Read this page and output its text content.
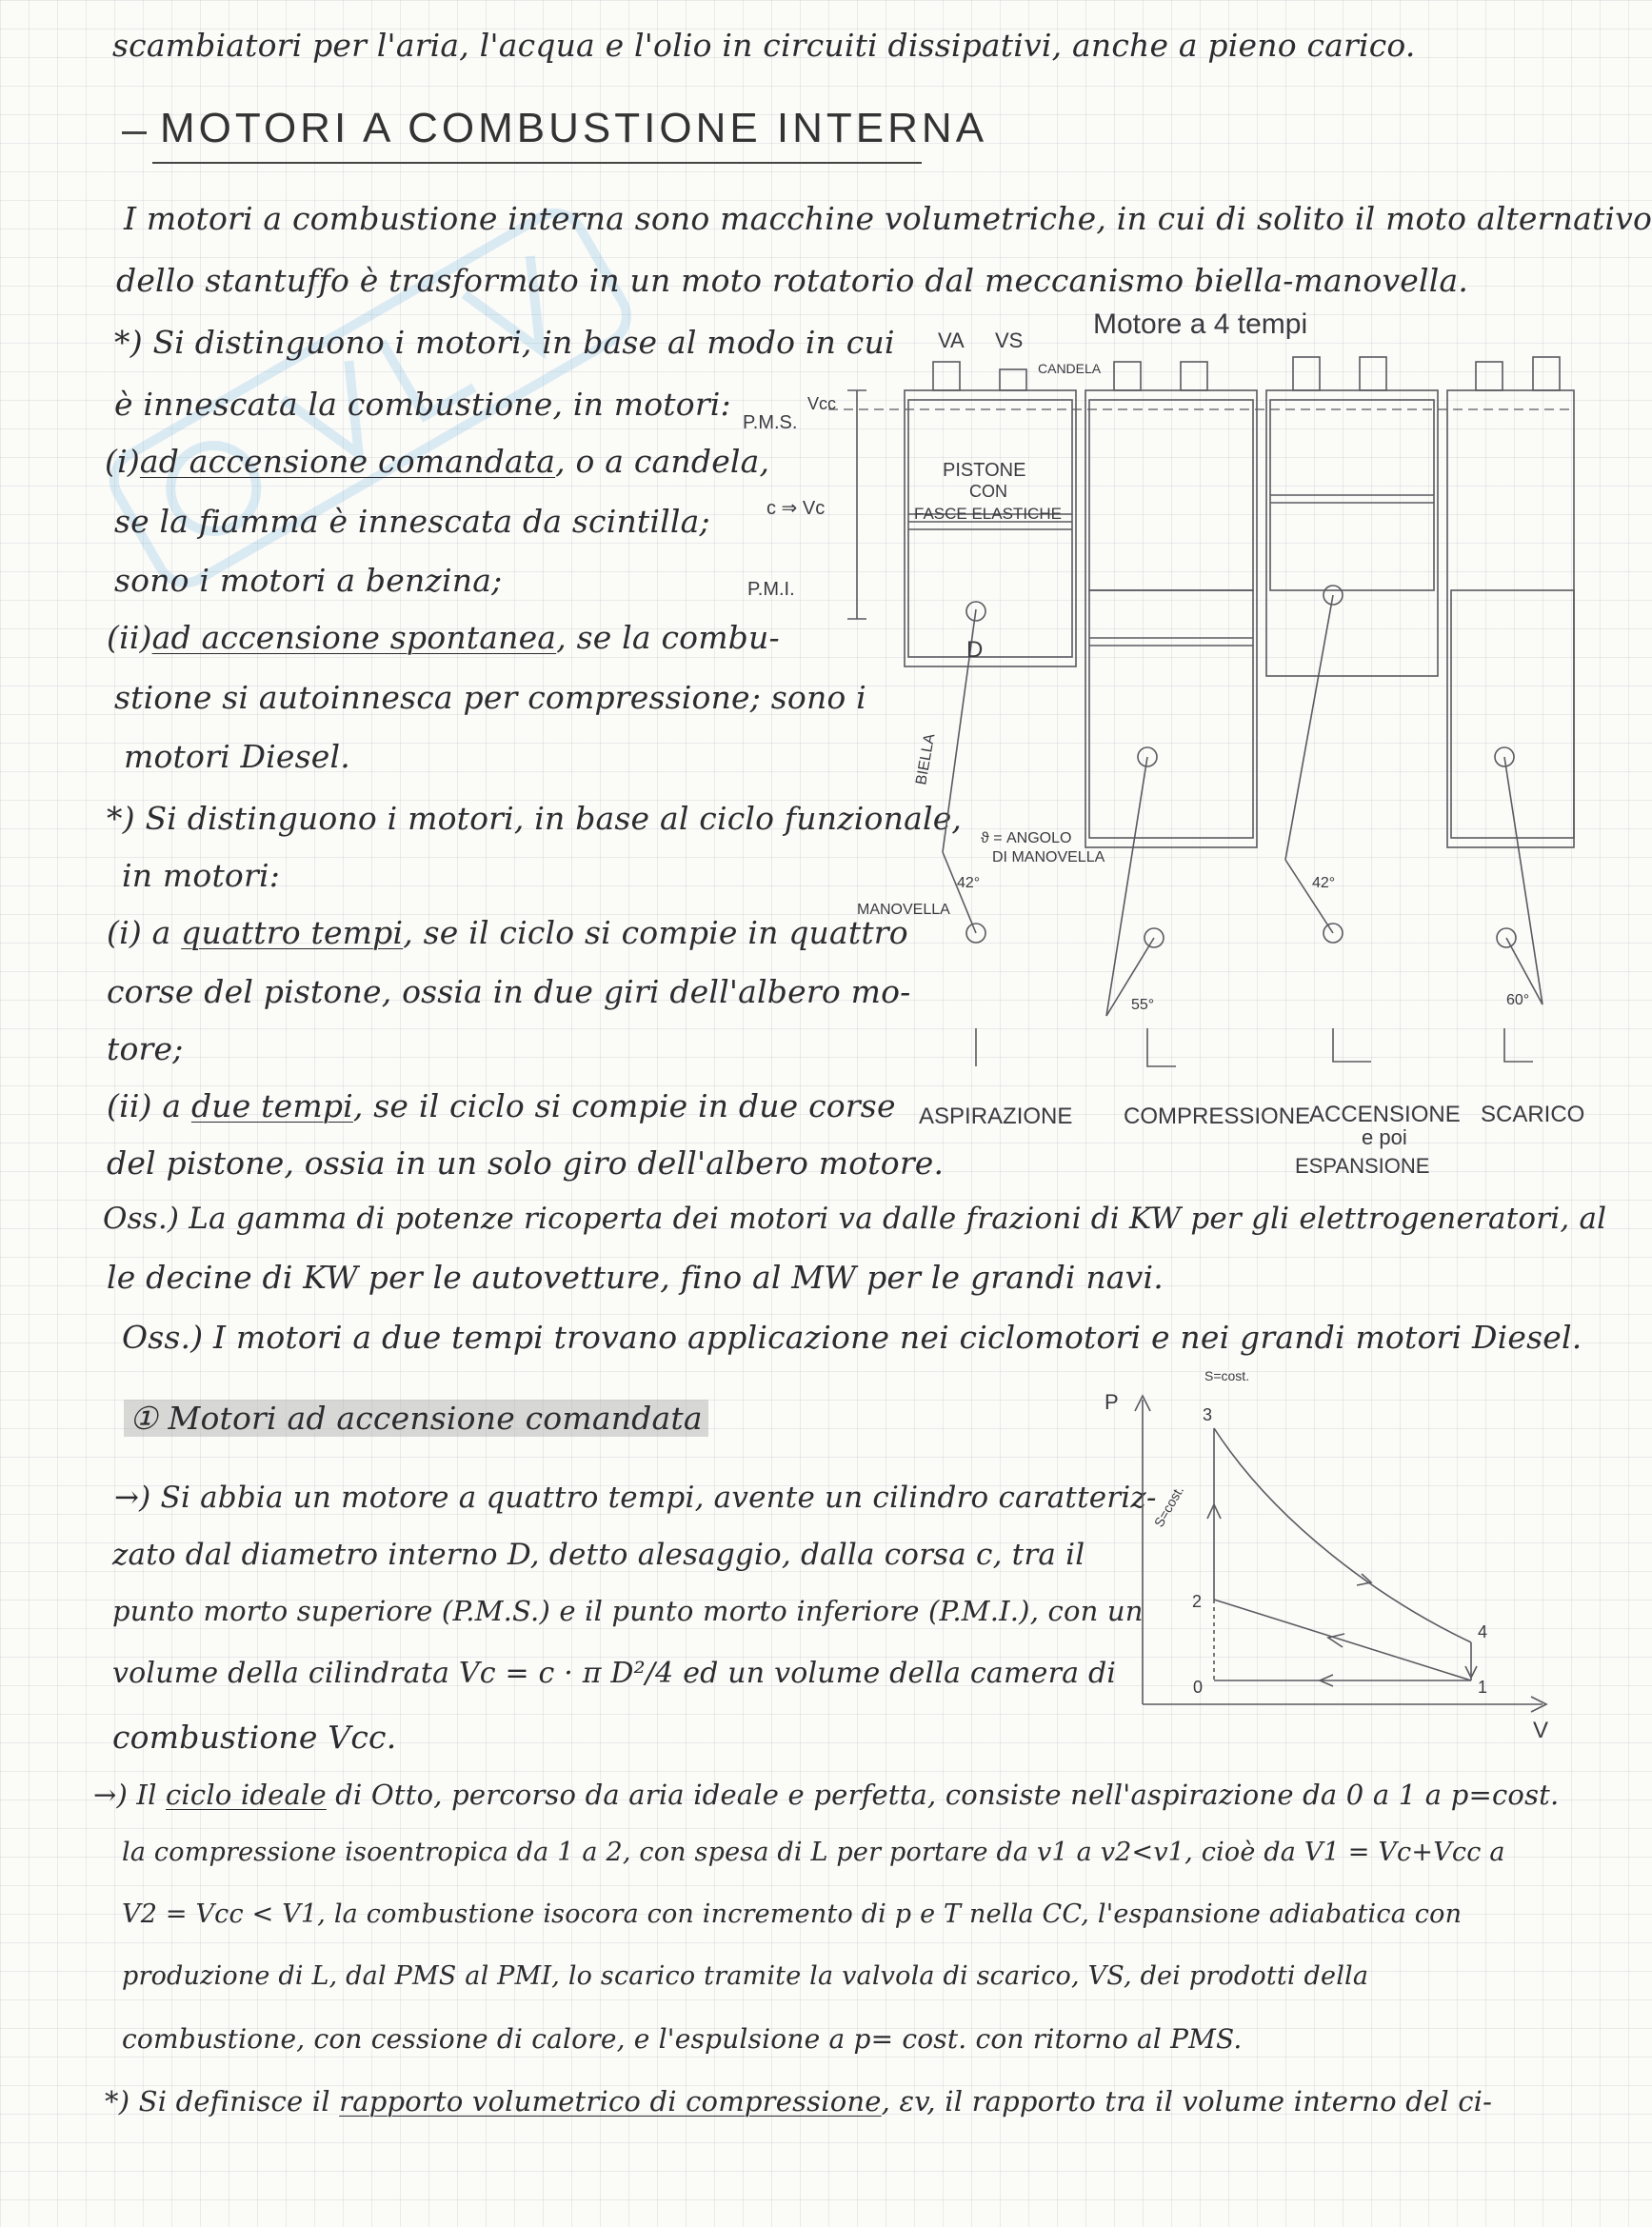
scambiatori per l'aria, l'acqua e l'olio in circuiti dissipativi, anche a pieno carico.
MOTORI A COMBUSTIONE INTERNA
I motori a combustione interna sono macchine volumetriche, in cui di solito il moto alternativo
dello stantuffo è trasformato in un moto rotatorio dal meccanismo biella-manovella.
*) Si distinguono i motori, in base al modo in cui
è innescata la combustione, in motori:
(i)ad accensione comandata, o a candela,
se la fiamma è innescata da scintilla;
sono i motori a benzina;
(ii)ad accensione spontanea, se la combu-
stione si autoinnesca per compressione; sono i
motori Diesel.
*) Si distinguono i motori, in base al ciclo funzionale,
in motori:
(i) a quattro tempi, se il ciclo si compie in quattro
corse del pistone, ossia in due giri dell'albero mo-
tore;
(ii) a due tempi, se il ciclo si compie in due corse
del pistone, ossia in un solo giro dell'albero motore.
VA VS
CANDELA
Motore a 4 tempi
P.M.S.
Vcc
c ⇒ Vc
P.M.I.
PISTONE
CON
FASCE ELASTICHE
D
BIELLA
ϑ = ANGOLO
DI MANOVELLA
MANOVELLA
42°
55°
42°
60°
ASPIRAZIONE COMPRESSIONE
ACCENSIONE
e poi
ESPANSIONE
SCARICO
Oss.) La gamma di potenze ricoperta dei motori va dalle frazioni di KW per gli elettrogeneratori, al
le decine di KW per le autovetture, fino al MW per le grandi navi.
Oss.) I motori a due tempi trovano applicazione nei ciclomotori e nei grandi motori Diesel.
① Motori ad accensione comandata
→) Si abbia un motore a quattro tempi, avente un cilindro caratteriz-
zato dal diametro interno D, detto alesaggio, dalla corsa c, tra il
punto morto superiore (P.M.S.) e il punto morto inferiore (P.M.I.), con un
volume della cilindrata Vc = c · π D²/4 ed un volume della camera di
combustione Vcc.
P
V
S=cost.
S=cost.
0	1
2
3
4
→) Il ciclo ideale di Otto, percorso da aria ideale e perfetta, consiste nell'aspirazione da 0 a 1 a p=cost.
la compressione isoentropica da 1 a 2, con spesa di L per portare da v1 a v2<v1, cioè da V1 = Vc+Vcc a
V2 = Vcc < V1, la combustione isocora con incremento di p e T nella CC, l'espansione adiabatica con
produzione di L, dal PMS al PMI, lo scarico tramite la valvola di scarico, VS, dei prodotti della
combustione, con cessione di calore, e l'espulsione a p= cost. con ritorno al PMS.
*) Si definisce il rapporto volumetrico di compressione, εv, il rapporto tra il volume interno del ci-
